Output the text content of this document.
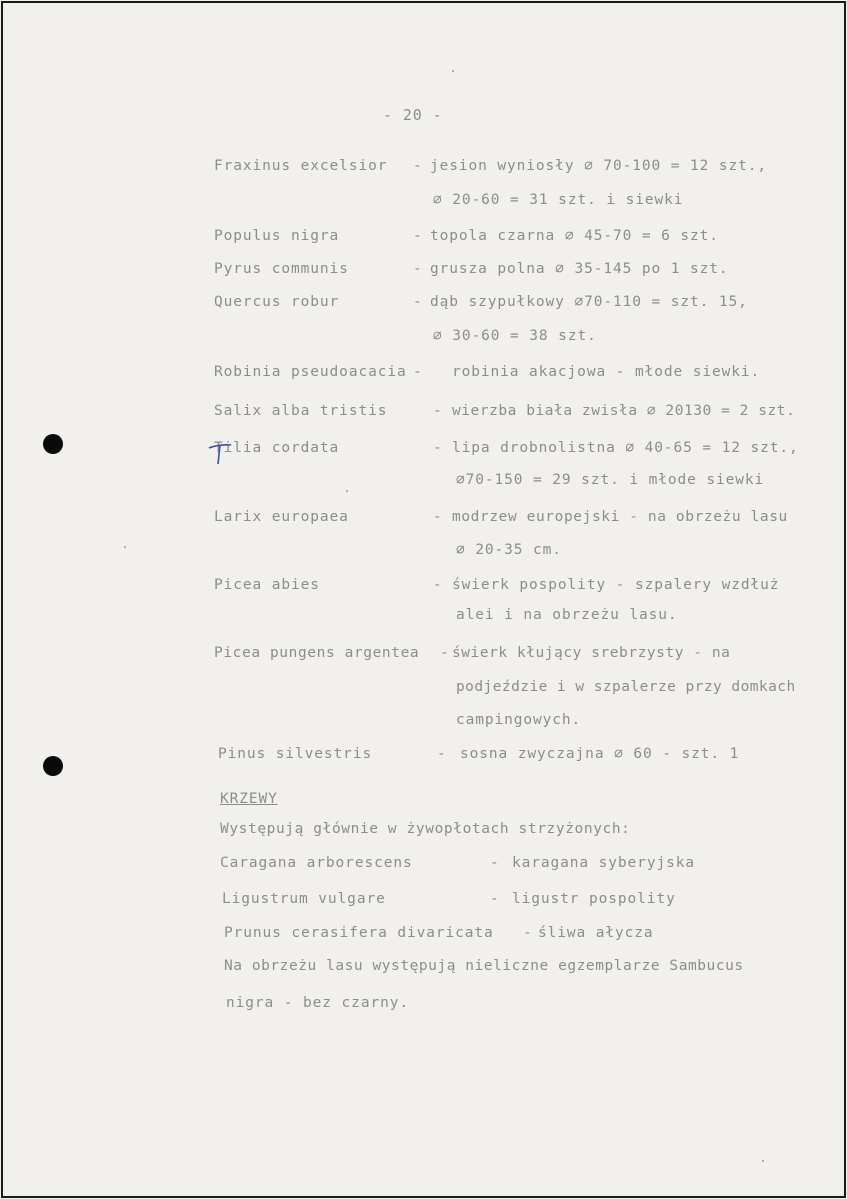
- 20 -
Fraxinus excelsior - jesion wyniosły ∅ 70-100 = 12 szt.,
∅ 20-60 = 31 szt. i siewki
Populus nigra	- topola czarna ∅ 45-70 = 6 szt.
Pyrus communis	- grusza polna ∅ 35-145 po 1 szt.
Quercus robur	- dąb szypułkowy ∅70-110 = szt. 15,
∅ 30-60 = 38 szt.
Robinia pseudoacacia - robinia akacjowa - młode siewki.
Salix alba tristis	- wierzba biała zwisła ∅ 20130 = 2 szt.
Tilia cordata	- lipa drobnolistna ∅ 40-65 = 12 szt.,
∅70-150 = 29 szt. i młode siewki
Larix europaea	- modrzew europejski - na obrzeżu lasu
∅ 20-35 cm.
Picea abies	- świerk pospolity - szpalery wzdłuż
alei i na obrzeżu lasu.
Picea pungens argentea - świerk kłujący srebrzysty - na
podjeździe i w szpalerze przy domkach
campingowych.
Pinus silvestris	- sosna zwyczajna ∅ 60 - szt. 1
KRZEWY
Występują głównie w żywopłotach strzyżonych:
Caragana arborescens	- karagana syberyjska
Ligustrum vulgare	- ligustr pospolity
Prunus cerasifera divaricata - śliwa ałycza
Na obrzeżu lasu występują nieliczne egzemplarze Sambucus
nigra - bez czarny.
